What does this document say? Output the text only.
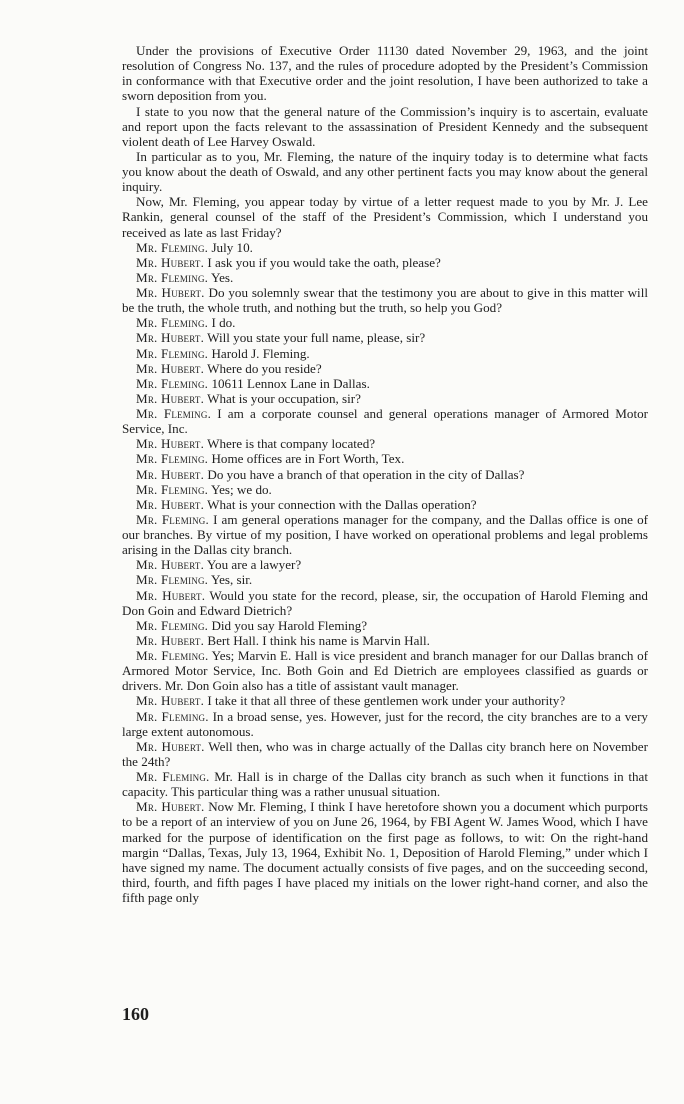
Under the provisions of Executive Order 11130 dated November 29, 1963, and the joint resolution of Congress No. 137, and the rules of procedure adopted by the President’s Commission in conformance with that Executive order and the joint resolution, I have been authorized to take a sworn deposition from you.

I state to you now that the general nature of the Commission’s inquiry is to ascertain, evaluate and report upon the facts relevant to the assassination of President Kennedy and the subsequent violent death of Lee Harvey Oswald.

In particular as to you, Mr. Fleming, the nature of the inquiry today is to determine what facts you know about the death of Oswald, and any other pertinent facts you may know about the general inquiry.

Now, Mr. Fleming, you appear today by virtue of a letter request made to you by Mr. J. Lee Rankin, general counsel of the staff of the President’s Commission, which I understand you received as late as last Friday?

Mr. Fleming. July 10.

Mr. Hubert. I ask you if you would take the oath, please?

Mr. Fleming. Yes.

Mr. Hubert. Do you solemnly swear that the testimony you are about to give in this matter will be the truth, the whole truth, and nothing but the truth, so help you God?

Mr. Fleming. I do.

Mr. Hubert. Will you state your full name, please, sir?

Mr. Fleming. Harold J. Fleming.

Mr. Hubert. Where do you reside?

Mr. Fleming. 10611 Lennox Lane in Dallas.

Mr. Hubert. What is your occupation, sir?

Mr. Fleming. I am a corporate counsel and general operations manager of Armored Motor Service, Inc.

Mr. Hubert. Where is that company located?

Mr. Fleming. Home offices are in Fort Worth, Tex.

Mr. Hubert. Do you have a branch of that operation in the city of Dallas?

Mr. Fleming. Yes; we do.

Mr. Hubert. What is your connection with the Dallas operation?

Mr. Fleming. I am general operations manager for the company, and the Dallas office is one of our branches. By virtue of my position, I have worked on operational problems and legal problems arising in the Dallas city branch.

Mr. Hubert. You are a lawyer?

Mr. Fleming. Yes, sir.

Mr. Hubert. Would you state for the record, please, sir, the occupation of Harold Fleming and Don Goin and Edward Dietrich?

Mr. Fleming. Did you say Harold Fleming?

Mr. Hubert. Bert Hall. I think his name is Marvin Hall.

Mr. Fleming. Yes; Marvin E. Hall is vice president and branch manager for our Dallas branch of Armored Motor Service, Inc. Both Goin and Ed Dietrich are employees classified as guards or drivers. Mr. Don Goin also has a title of assistant vault manager.

Mr. Hubert. I take it that all three of these gentlemen work under your authority?

Mr. Fleming. In a broad sense, yes. However, just for the record, the city branches are to a very large extent autonomous.

Mr. Hubert. Well then, who was in charge actually of the Dallas city branch here on November the 24th?

Mr. Fleming. Mr. Hall is in charge of the Dallas city branch as such when it functions in that capacity. This particular thing was a rather unusual situation.

Mr. Hubert. Now Mr. Fleming, I think I have heretofore shown you a document which purports to be a report of an interview of you on June 26, 1964, by FBI Agent W. James Wood, which I have marked for the purpose of identification on the first page as follows, to wit: On the right-hand margin “Dallas, Texas, July 13, 1964, Exhibit No. 1, Deposition of Harold Fleming,” under which I have signed my name. The document actually consists of five pages, and on the succeeding second, third, fourth, and fifth pages I have placed my initials on the lower right-hand corner, and also the fifth page only

160
